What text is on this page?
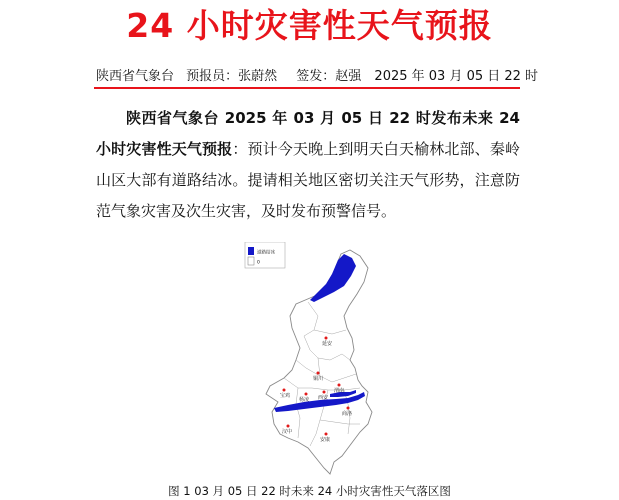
24 小时灾害性天气预报
陕西省气象台 预报员：张蔚然 签发：赵强 2025 年 03 月 05 日 22 时
陕西省气象台 2025 年 03 月 05 日 22 时发布未来 24 小时灾害性天气预报：预计今天晚上到明天白天榆林北部、秦岭山区大部有道路结冰。提请相关地区密切关注天气形势，注意防范气象灾害及次生灾害，及时发布预警信号。
道路结冰
0
延安
铜川
宝鸡
杨凌 西安
渭南
商洛
汉中
安康
图 1 03 月 05 日 22 时未来 24 小时灾害性天气落区图
